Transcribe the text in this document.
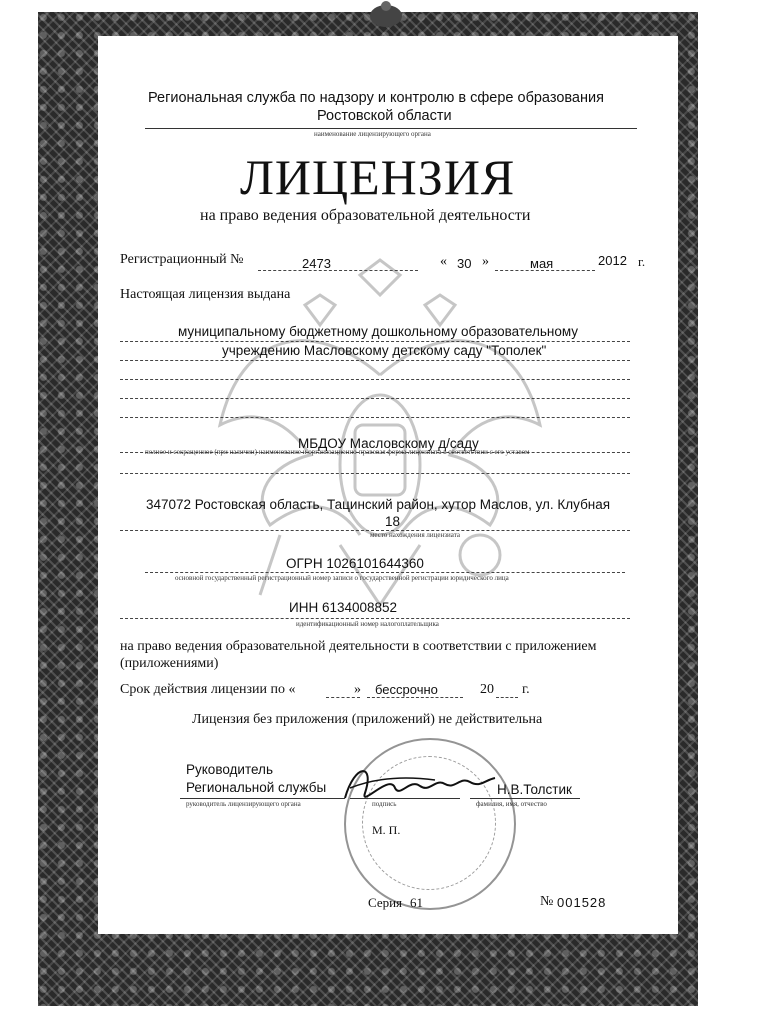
Региональная служба по надзору и контролю в сфере образования
Ростовской области
наименование лицензирующего органа
ЛИЦЕНЗИЯ
на право ведения образовательной деятельности
Регистрационный №	2473	« 30 »	мая	2012 г.
Настоящая лицензия выдана
муниципальному бюджетному дошкольному образовательному
учреждению Масловскому детскому саду "Тополек"
МБДОУ Масловскому д/саду
полное и сокращенное (при наличии) наименование и организационно-правовая форма лицензиата в соответствии с его уставом
347072 Ростовская область, Тацинский район, хутор Маслов, ул. Клубная
18
место нахождения лицензиата
ОГРН 1026101644360
основной государственный регистрационный номер записи о государственной регистрации юридического лица
ИНН 6134008852
идентификационный номер налогоплательщика
на право ведения образовательной деятельности в соответствии с приложением
(приложениями)
Срок действия лицензии по «	» бессрочно	20 г.
Лицензия без приложения (приложений) не действительна
Руководитель
Региональной службы	Н.В.Толстик
руководитель лицензирующего органа	подпись	фамилия, имя, отчество
М. П.
Серия 61	№ 001528
